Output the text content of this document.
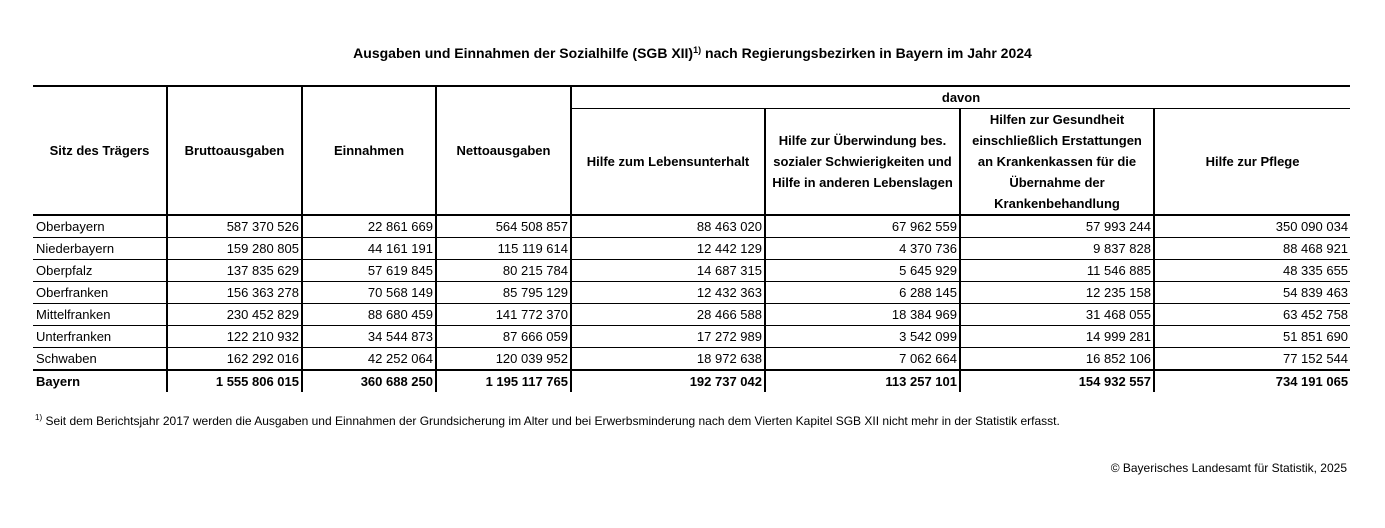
Ausgaben und Einnahmen der Sozialhilfe (SGB XII)$^{1)}$ nach Regierungsbezirken in Bayern im Jahr 2024
Sitz des Trägers	Bruttoausgaben	Einnahmen	Nettoausgaben	davon			
				Hilfe zum Lebensunterhalt	Hilfe zur Überwindung bes. sozialer Schwierigkeiten und Hilfe in anderen Lebenslagen	Hilfen zur Gesundheit einschließlich Erstattungen an Krankenkassen für die Übernahme der Krankenbehandlung	Hilfe zur Pflege
Oberbayern	587 370 526	22 861 669	564 508 857	88 463 020	67 962 559	57 993 244	350 090 034
Niederbayern	159 280 805	44 161 191	115 119 614	12 442 129	4 370 736	9 837 828	88 468 921
Oberpfalz	137 835 629	57 619 845	80 215 784	14 687 315	5 645 929	11 546 885	48 335 655
Oberfranken	156 363 278	70 568 149	85 795 129	12 432 363	6 288 145	12 235 158	54 839 463
Mittelfranken	230 452 829	88 680 459	141 772 370	28 466 588	18 384 969	31 468 055	63 452 758
Unterfranken	122 210 932	34 544 873	87 666 059	17 272 989	3 542 099	14 999 281	51 851 690
Schwaben	162 292 016	42 252 064	120 039 952	18 972 638	7 062 664	16 852 106	77 152 544
Bayern	1 555 806 015	360 688 250	1 195 117 765	192 737 042	113 257 101	154 932 557	734 191 065
$^{1)}$ Seit dem Berichtsjahr 2017 werden die Ausgaben und Einnahmen der Grundsicherung im Alter und bei Erwerbsminderung nach dem Vierten Kapitel SGB XII nicht mehr in der Statistik erfasst.
© Bayerisches Landesamt für Statistik, 2025
